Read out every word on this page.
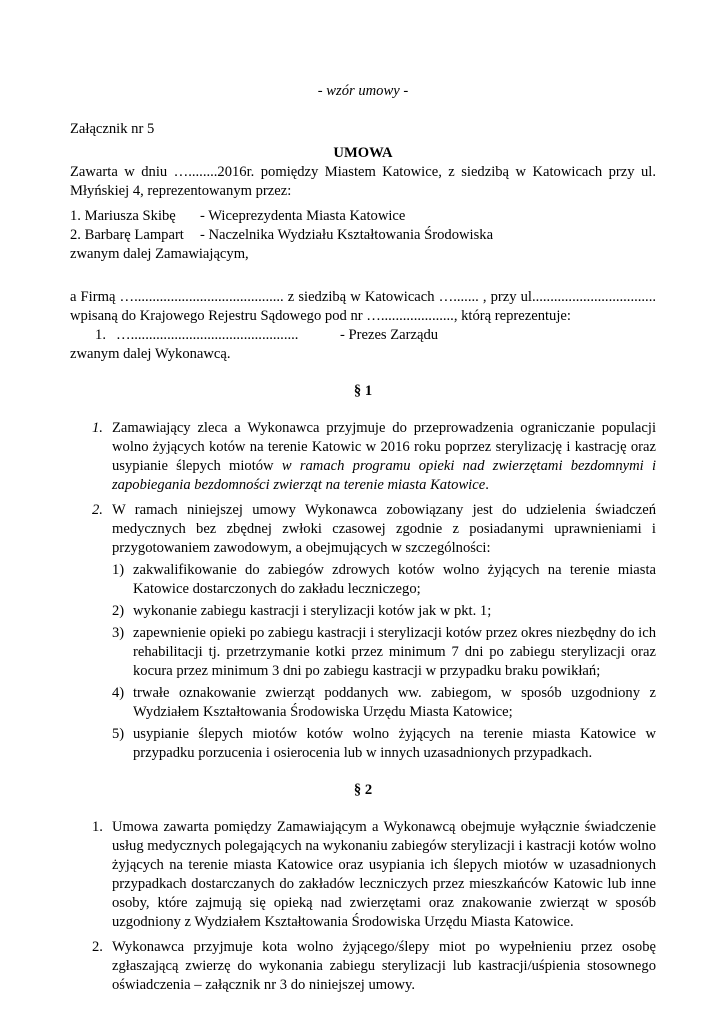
- wzór umowy -

Załącznik nr 5

UMOWA

Zawarta w dniu …........2016r. pomiędzy Miastem Katowice, z siedzibą w Katowicach przy ul. Młyńskiej 4, reprezentowanym przez:

1. Mariusza Skibę	- Wiceprezydenta Miasta Katowice
2. Barbarę Lampart	- Naczelnika Wydziału Kształtowania Środowiska

zwanym dalej Zamawiającym,

a Firmą …......................................... z siedzibą w Katowicach …....... , przy ul.................................. wpisaną do Krajowego Rejestru Sądowego pod nr …...................., którą reprezentuje:

1. …..............................................	- Prezes Zarządu

zwanym dalej Wykonawcą.

§ 1

1. Zamawiający zleca a Wykonawca przyjmuje do przeprowadzenia ograniczanie populacji wolno żyjących kotów na terenie Katowic w 2016 roku poprzez sterylizację i kastrację oraz usypianie ślepych miotów w ramach programu opieki nad zwierzętami bezdomnymi i zapobiegania bezdomności zwierząt na terenie miasta Katowice.

2. W ramach niniejszej umowy Wykonawca zobowiązany jest do udzielenia świadczeń medycznych bez zbędnej zwłoki czasowej zgodnie z posiadanymi uprawnieniami i przygotowaniem zawodowym, a obejmujących w szczególności:

1) zakwalifikowanie do zabiegów zdrowych kotów wolno żyjących na terenie miasta Katowice dostarczonych do zakładu leczniczego;

2) wykonanie zabiegu kastracji i sterylizacji kotów jak w pkt. 1;

3) zapewnienie opieki po zabiegu kastracji i sterylizacji kotów przez okres niezbędny do ich rehabilitacji tj. przetrzymanie kotki przez minimum 7 dni po zabiegu sterylizacji oraz kocura przez minimum 3 dni po zabiegu kastracji w przypadku braku powikłań;

4) trwałe oznakowanie zwierząt poddanych ww. zabiegom, w sposób uzgodniony z Wydziałem Kształtowania Środowiska Urzędu Miasta Katowice;

5) usypianie ślepych miotów kotów wolno żyjących na terenie miasta Katowice w przypadku porzucenia i osierocenia lub w innych uzasadnionych przypadkach.

§ 2

1. Umowa zawarta pomiędzy Zamawiającym a Wykonawcą obejmuje wyłącznie świadczenie usług medycznych polegających na wykonaniu zabiegów sterylizacji i kastracji kotów wolno żyjących na terenie miasta Katowice oraz usypiania ich ślepych miotów w uzasadnionych przypadkach dostarczanych do zakładów leczniczych przez mieszkańców Katowic lub inne osoby, które zajmują się opieką nad zwierzętami oraz znakowanie zwierząt w sposób uzgodniony z Wydziałem Kształtowania Środowiska Urzędu Miasta Katowice.

2. Wykonawca przyjmuje kota wolno żyjącego/ślepy miot po wypełnieniu przez osobę zgłaszającą zwierzę do wykonania zabiegu sterylizacji lub kastracji/uśpienia stosownego oświadczenia – załącznik nr 3 do niniejszej umowy.
